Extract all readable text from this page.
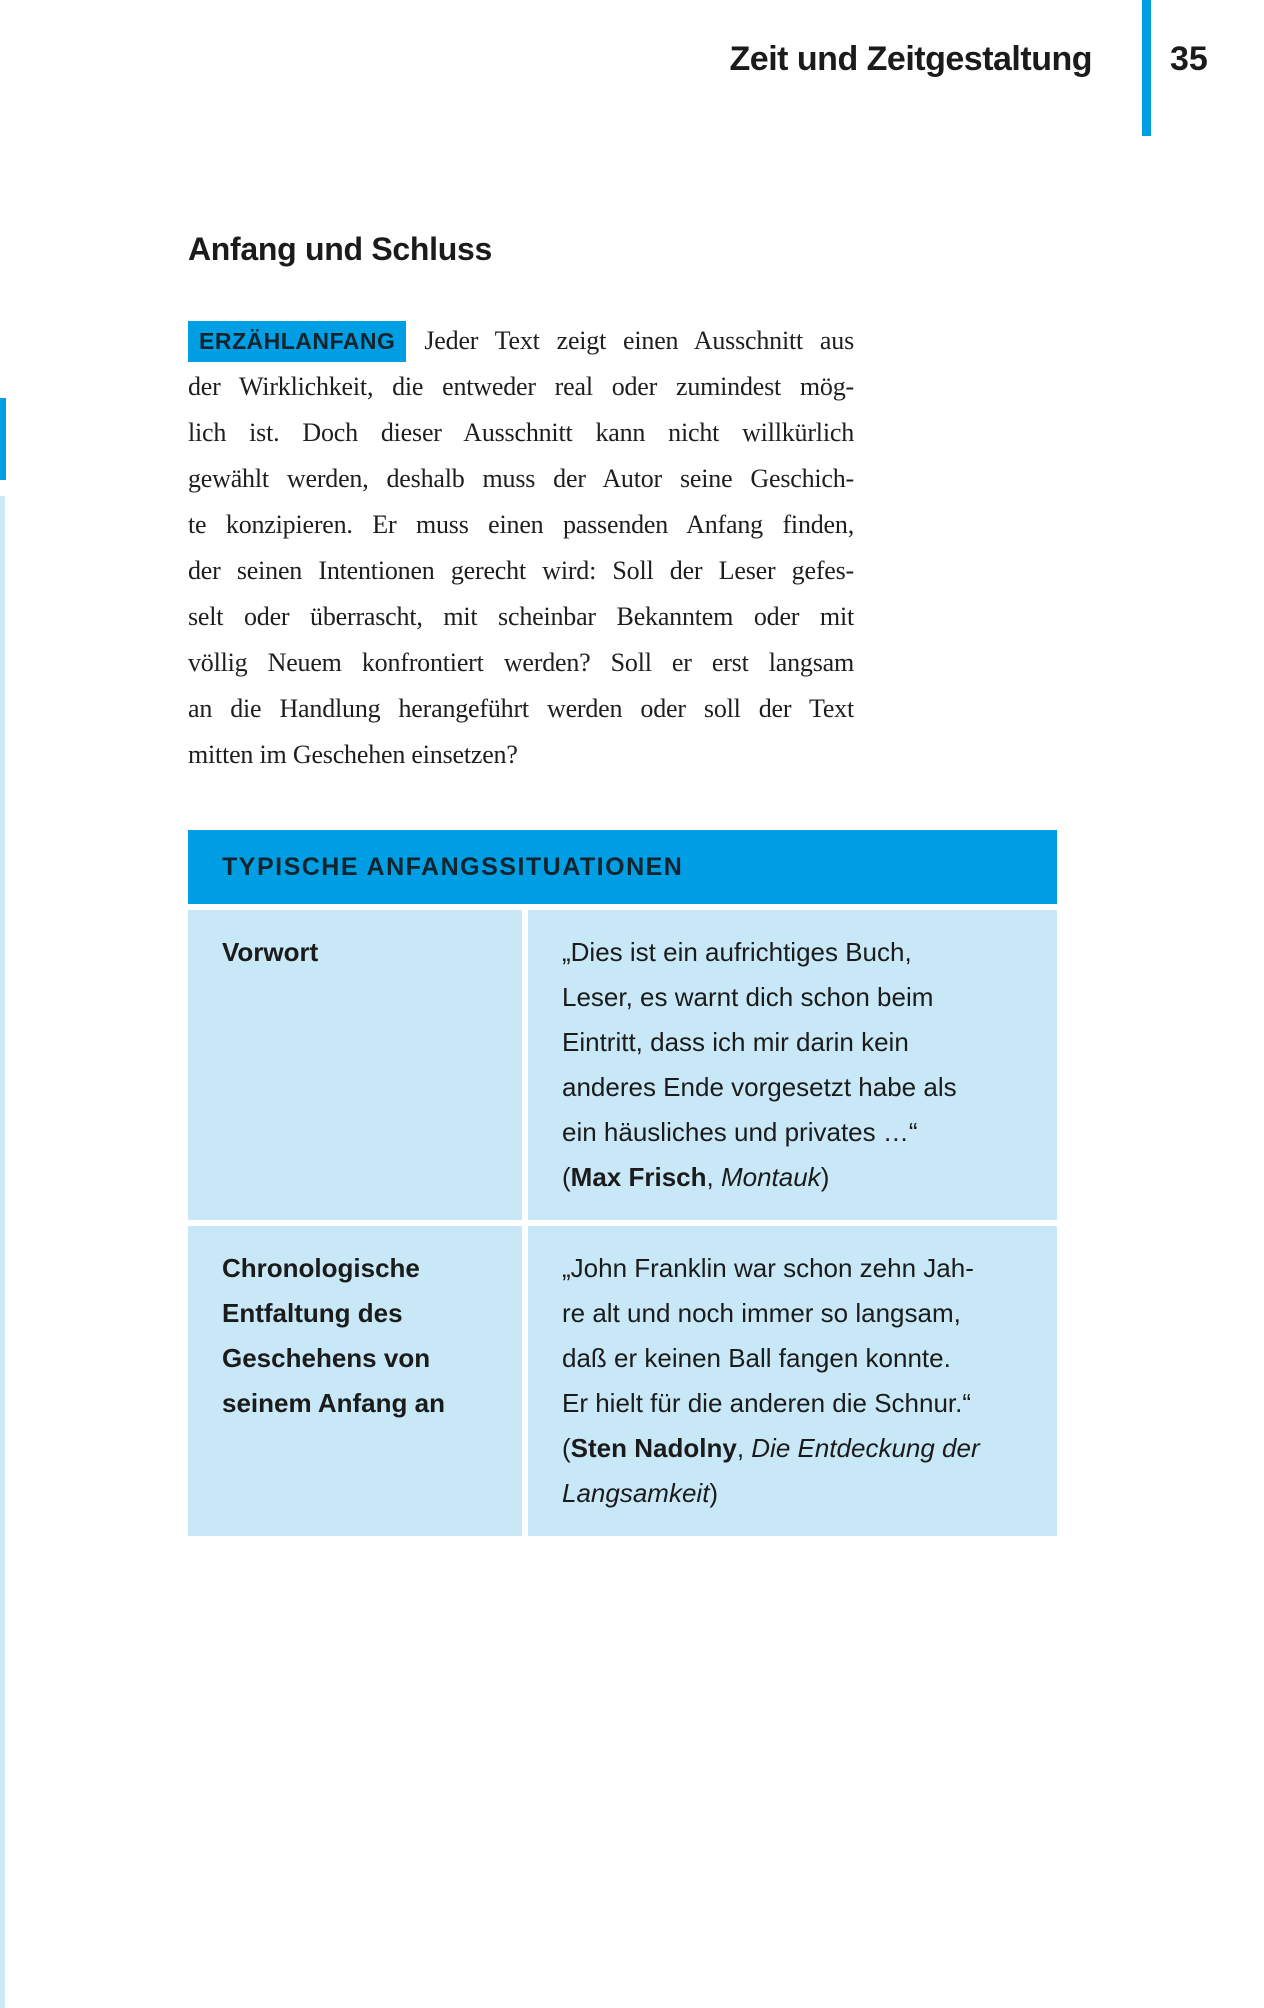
Zeit und Zeitgestaltung 35
Anfang und Schluss
ERZÄHLANFANG Jeder Text zeigt einen Ausschnitt aus
der Wirklichkeit, die entweder real oder zumindest mög-
lich ist. Doch dieser Ausschnitt kann nicht willkürlich
gewählt werden, deshalb muss der Autor seine Geschich-
te konzipieren. Er muss einen passenden Anfang finden,
der seinen Intentionen gerecht wird: Soll der Leser gefes-
selt oder überrascht, mit scheinbar Bekanntem oder mit
völlig Neuem konfrontiert werden? Soll er erst langsam
an die Handlung herangeführt werden oder soll der Text
mitten im Geschehen einsetzen?
TYPISCHE ANFANGSSITUATIONEN
Vorwort	„Dies ist ein aufrichtiges Buch,
Leser, es warnt dich schon beim
Eintritt, dass ich mir darin kein
anderes Ende vorgesetzt habe als
ein häusliches und privates …“
(Max Frisch, Montauk)
Chronologische Entfaltung des Geschehens von seinem Anfang an
„John Franklin war schon zehn Jah-
re alt und noch immer so langsam,
daß er keinen Ball fangen konnte.
Er hielt für die anderen die Schnur.“
(Sten Nadolny, Die Entdeckung der Langsamkeit)
